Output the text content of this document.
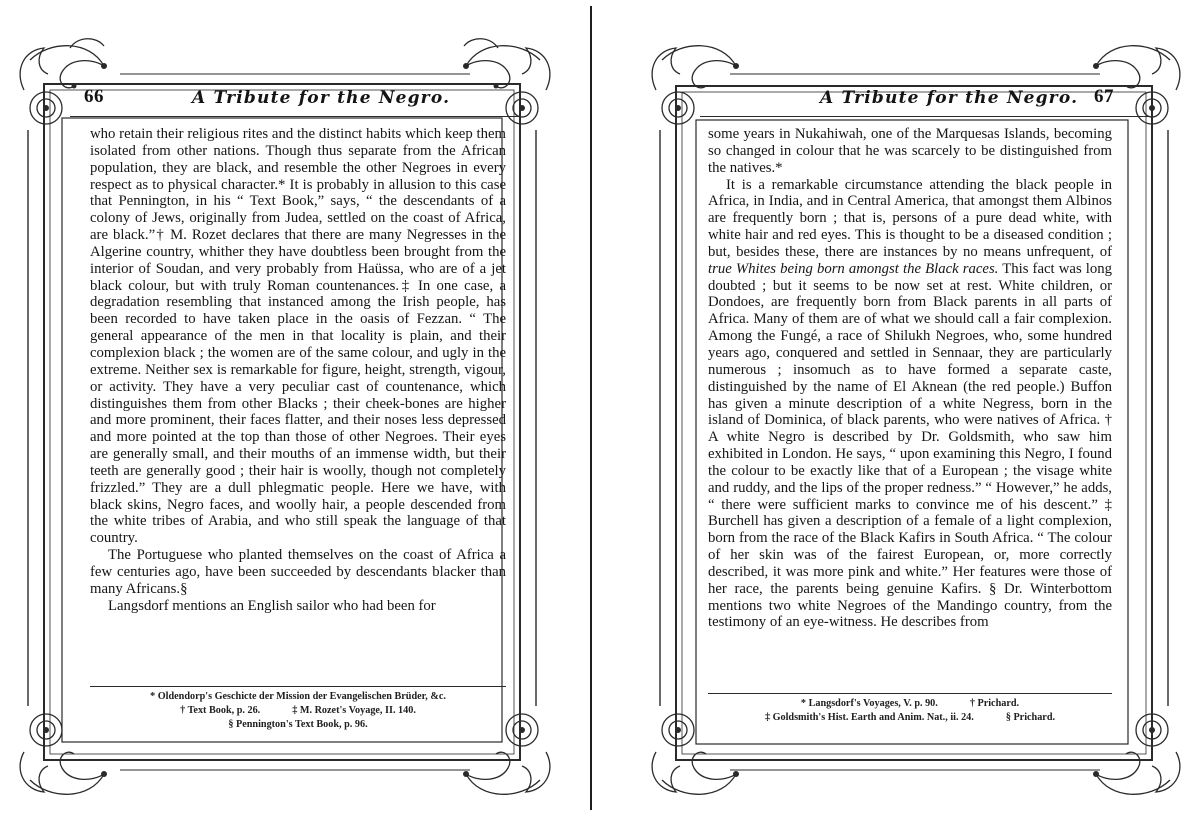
66	A Tribute for the Negro.

who retain their religious rites and the distinct habits which keep them isolated from other nations. Though thus separate from the African population, they are black, and resemble the other Negroes in every respect as to physical character.* It is probably in allusion to this case that Pennington, in his “ Text Book,” says, “ the descendants of a colony of Jews, originally from Judea, settled on the coast of Africa, are black.”† M. Rozet declares that there are many Negresses in the Algerine country, whither they have doubtless been brought from the interior of Soudan, and very probably from Haüssa, who are of a jet black colour, but with truly Roman countenances.‡ In one case, a degradation resembling that instanced among the Irish people, has been recorded to have taken place in the oasis of Fezzan. “ The general appearance of the men in that locality is plain, and their complexion black ; the women are of the same colour, and ugly in the extreme. Neither sex is remarkable for figure, height, strength, vigour, or activity. They have a very peculiar cast of countenance, which distinguishes them from other Blacks ; their cheek-bones are higher and more prominent, their faces flatter, and their noses less depressed and more pointed at the top than those of other Negroes. Their eyes are generally small, and their mouths of an immense width, but their teeth are generally good ; their hair is woolly, though not completely frizzled.” They are a dull phlegmatic people. Here we have, with black skins, Negro faces, and woolly hair, a people descended from the white tribes of Arabia, and who still speak the language of that country.

The Portuguese who planted themselves on the coast of Africa a few centuries ago, have been succeeded by descendants blacker than many Africans.§

Langsdorf mentions an English sailor who had been for

* Oldendorp's Geschicte der Mission der Evangelischen Brüder, &c.
† Text Book, p. 26.	‡ M. Rozet's Voyage, II. 140.
§ Pennington's Text Book, p. 96.
A Tribute for the Negro. 67

some years in Nukahiwah, one of the Marquesas Islands, becoming so changed in colour that he was scarcely to be distinguished from the natives.*

It is a remarkable circumstance attending the black people in Africa, in India, and in Central America, that amongst them Albinos are frequently born ; that is, persons of a pure dead white, with white hair and red eyes. This is thought to be a diseased condition ; but, besides these, there are instances by no means unfrequent, of true Whites being born amongst the Black races. This fact was long doubted ; but it seems to be now set at rest. White children, or Dondoes, are frequently born from Black parents in all parts of Africa. Many of them are of what we should call a fair complexion. Among the Fungé, a race of Shilukh Negroes, who, some hundred years ago, conquered and settled in Sennaar, they are particularly numerous ; insomuch as to have formed a separate caste, distinguished by the name of El Aknean (the red people.) Buffon has given a minute description of a white Negress, born in the island of Dominica, of black parents, who were natives of Africa. † A white Negro is described by Dr. Goldsmith, who saw him exhibited in London. He says, “ upon examining this Negro, I found the colour to be exactly like that of a European ; the visage white and ruddy, and the lips of the proper redness.” “ However,” he adds, “ there were sufficient marks to convince me of his descent.” ‡ Burchell has given a description of a female of a light complexion, born from the race of the Black Kafirs in South Africa. “ The colour of her skin was of the fairest European, or, more correctly described, it was more pink and white.” Her features were those of her race, the parents being genuine Kafirs. § Dr. Winterbottom mentions two white Negroes of the Mandingo country, from the testimony of an eye-witness. He describes from

* Langsdorf's Voyages, V. p. 90.	† Prichard.
‡ Goldsmith's Hist. Earth and Anim. Nat., ii. 24.	§ Prichard.
